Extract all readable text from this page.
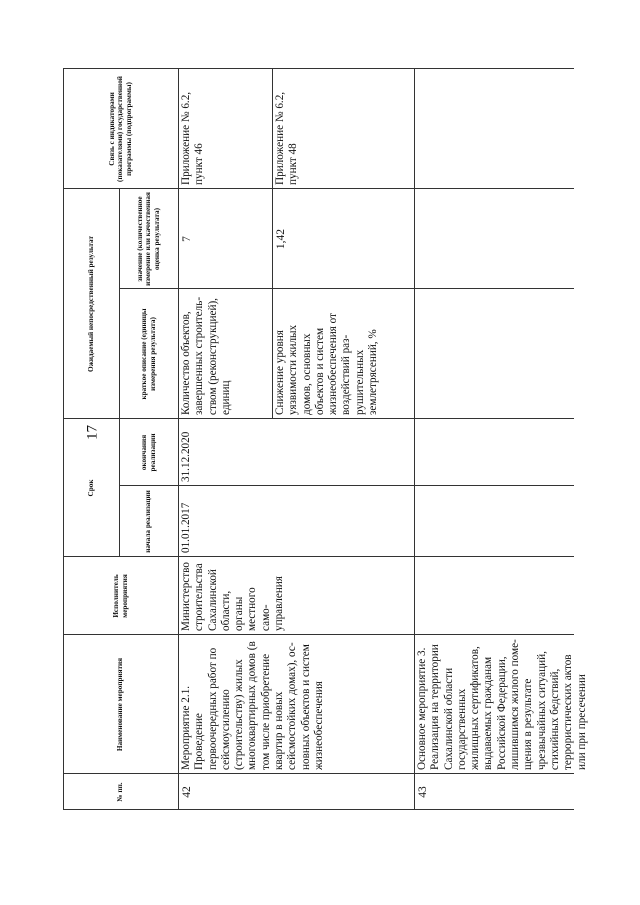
17
№ пп.
Наименование мероприятия
Исполнитель мероприятия
Срок
начала реализации
окончания реализации
Ожидаемый непосредственный результат	краткое описание (единицы измерения результата)
значение (количественное измерение или качественная оценка результата)
Связь с индикаторами (показателями) государственной программы (подпрограммы)
42
Мероприятие 2.1. Проведение первоочередных работ по сейсмоусилению (строительству) жилых многоквартирных домов (в том числе приобретение квартир в новых сейсмостойких домах), основных объектов и систем жизнеобеспечения
Министерство строительства Сахалинской области, органы местного самоуправления
01.01.2017
31.12.2020
Количество объектов, завершенных строительством (реконструкцией), единиц
7
Приложение № 6.2, пункт 46
Снижение уровня уязвимости жилых домов, основных объектов и систем жизнеобеспечения от воздействий разрушительных землетрясений, %
1,42
Приложение № 6.2, пункт 48
43
Основное мероприятие 3. Реализация на территории Сахалинской области государственных жилищных сертификатов, выдаваемых гражданам Российской Федерации, лишившимся жилого помещения в результате чрезвычайных ситуаций, стихийных бедствий, террористических актов или при пресечении
